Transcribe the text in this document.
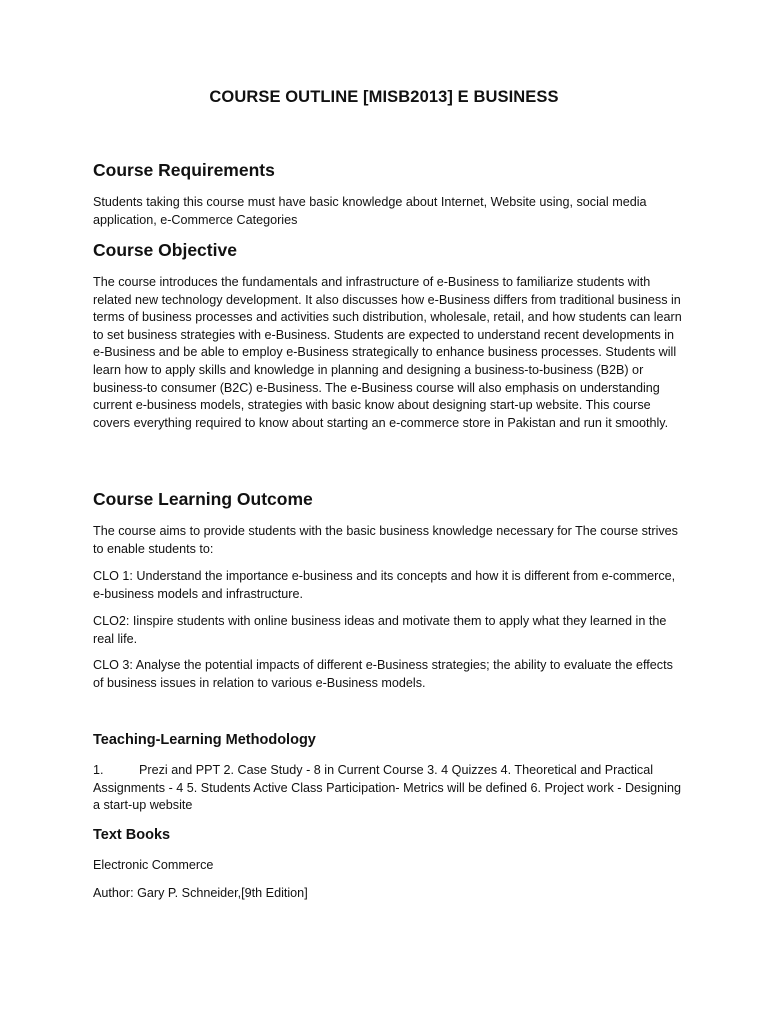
COURSE OUTLINE [MISB2013] E BUSINESS
Course Requirements

Students taking this course must have basic knowledge about Internet, Website using, social media application, e-Commerce Categories

Course Objective

The course introduces the fundamentals and infrastructure of e-Business to familiarize students with related new technology development. It also discusses how e-Business differs from traditional business in terms of business processes and activities such distribution, wholesale, retail, and how students can learn to set business strategies with e-Business. Students are expected to understand recent developments in e-Business and be able to employ e-Business strategically to enhance business processes. Students will learn how to apply skills and knowledge in planning and designing a business-to-business (B2B) or business-to consumer (B2C) e-Business. The e-Business course will also emphasis on understanding current e-business models, strategies with basic know about designing start-up website. This course covers everything required to know about starting an e-commerce store in Pakistan and run it smoothly.

Course Learning Outcome

The course aims to provide students with the basic business knowledge necessary for The course strives to enable students to:

CLO 1: Understand the importance e-business and its concepts and how it is different from e-commerce, e-business models and infrastructure.

CLO2: Iinspire students with online business ideas and motivate them to apply what they learned in the real life.

CLO 3: Analyse the potential impacts of different e-Business strategies; the ability to evaluate the effects of business issues in relation to various e-Business models.

Teaching-Learning Methodology

1.	Prezi and PPT 2. Case Study - 8 in Current Course 3. 4 Quizzes 4. Theoretical and Practical Assignments - 4 5. Students Active Class Participation- Metrics will be defined 6. Project work - Designing a start-up website

Text Books

Electronic Commerce

Author: Gary P. Schneider,[9th Edition]
